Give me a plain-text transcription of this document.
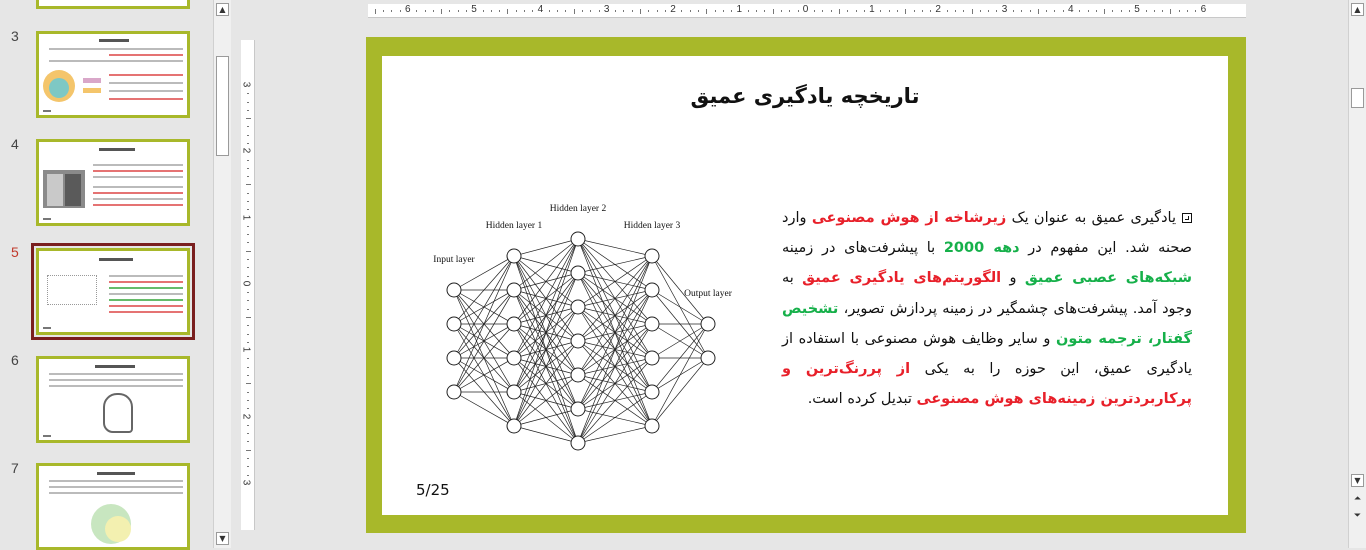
3
4
5
6
7
▲
▼
6	5	4	3	2	1	0	1	2	3	4	5	6
3
2
1
0
1
2
3
تاریخچه یادگیری عمیق
Input layer
Hidden layer 1
Hidden layer 2
Hidden layer 3
Output layer
یادگیری عمیق به عنوان یک زیرشاخه از هوش مصنوعی وارد صحنه شد. این مفهوم در دهه 2000 با پیشرفت‌های در زمینه شبکه‌های عصبی عمیق و الگوریتم‌های یادگیری عمیق به وجود آمد. پیشرفت‌های چشمگیر در زمینه پردازش تصویر، تشخیص گفتار، ترجمه متون و سایر وظایف هوش مصنوعی با استفاده از یادگیری عمیق، این حوزه را به یکی از پررنگ‌ترین و پرکاربردترین زمینه‌های هوش مصنوعی تبدیل کرده است.
5/25
▲
▼
⏶
⏷
